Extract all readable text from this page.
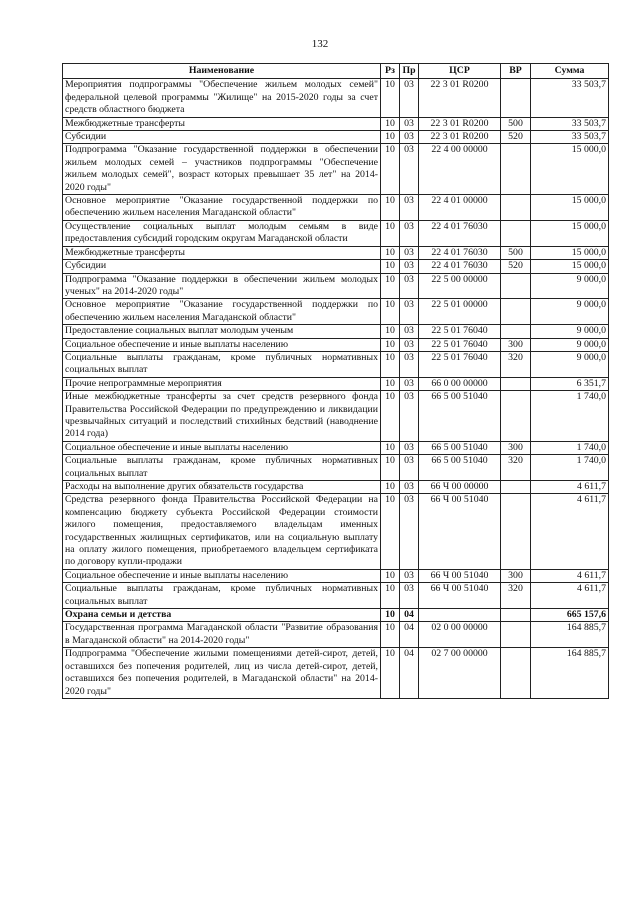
132
Наименование	Рз	Пр	ЦСР	ВР	Сумма
Мероприятия подпрограммы "Обеспечение жильем молодых семей" федеральной целевой программы "Жилище" на 2015-2020 годы за счет средств областного бюджета	10	03	22 3 01 R0200		33 503,7
Межбюджетные трансферты	10	03	22 3 01 R0200	500	33 503,7
Субсидии	10	03	22 3 01 R0200	520	33 503,7
Подпрограмма "Оказание государственной поддержки в обеспечении жильем молодых семей – участников подпрограммы "Обеспечение жильем молодых семей", возраст которых превышает 35 лет" на 2014-2020 годы"	10	03	22 4 00 00000		15 000,0
Основное мероприятие "Оказание государственной поддержки по обеспечению жильем населения Магаданской области"	10	03	22 4 01 00000		15 000,0
Осуществление социальных выплат молодым семьям в виде предоставления субсидий городским округам Магаданской области	10	03	22 4 01 76030		15 000,0
Межбюджетные трансферты	10	03	22 4 01 76030	500	15 000,0
Субсидии	10	03	22 4 01 76030	520	15 000,0
Подпрограмма "Оказание поддержки в обеспечении жильем молодых ученых" на 2014-2020 годы"	10	03	22 5 00 00000		9 000,0
Основное мероприятие "Оказание государственной поддержки по обеспечению жильем населения Магаданской области"	10	03	22 5 01 00000		9 000,0
Предоставление социальных выплат молодым ученым	10	03	22 5 01 76040		9 000,0
Социальное обеспечение и иные выплаты населению	10	03	22 5 01 76040	300	9 000,0
Социальные выплаты гражданам, кроме публичных нормативных социальных выплат	10	03	22 5 01 76040	320	9 000,0
Прочие непрограммные мероприятия	10	03	66 0 00 00000		6 351,7
Иные межбюджетные трансферты за счет средств резервного фонда Правительства Российской Федерации по предупреждению и ликвидации чрезвычайных ситуаций и последствий стихийных бедствий (наводнение 2014 года)	10	03	66 5 00 51040		1 740,0
Социальное обеспечение и иные выплаты населению	10	03	66 5 00 51040	300	1 740,0
Социальные выплаты гражданам, кроме публичных нормативных социальных выплат	10	03	66 5 00 51040	320	1 740,0
Расходы на выполнение других обязательств государства	10	03	66 Ч 00 00000		4 611,7
Средства резервного фонда Правительства Российской Федерации на компенсацию бюджету субъекта Российской Федерации стоимости жилого помещения, предоставляемого владельцам именных государственных жилищных сертификатов, или на социальную выплату на оплату жилого помещения, приобретаемого владельцем сертификата по договору купли-продажи	10	03	66 Ч 00 51040		4 611,7
Социальное обеспечение и иные выплаты населению	10	03	66 Ч 00 51040	300	4 611,7
Социальные выплаты гражданам, кроме публичных нормативных социальных выплат	10	03	66 Ч 00 51040	320	4 611,7
Охрана семьи и детства	10	04			665 157,6
Государственная программа Магаданской области "Развитие образования в Магаданской области" на 2014-2020 годы"	10	04	02 0 00 00000		164 885,7
Подпрограмма "Обеспечение жилыми помещениями детей-сирот, детей, оставшихся без попечения родителей, лиц из числа детей-сирот, детей, оставшихся без попечения родителей, в Магаданской области" на 2014-2020 годы"	10	04	02 7 00 00000		164 885,7
